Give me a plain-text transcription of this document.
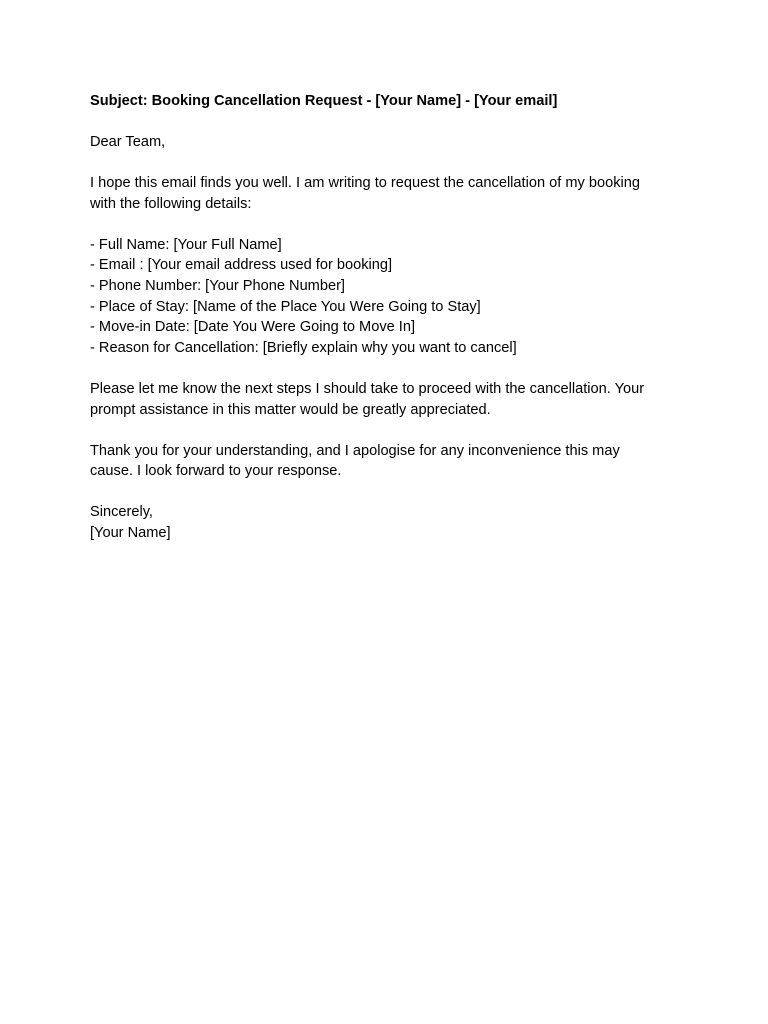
Subject: Booking Cancellation Request - [Your Name] - [Your email]
Dear Team,
I hope this email finds you well. I am writing to request the cancellation of my booking
with the following details:
- Full Name: [Your Full Name]
- Email : [Your email address used for booking]
- Phone Number: [Your Phone Number]
- Place of Stay: [Name of the Place You Were Going to Stay]
- Move-in Date: [Date You Were Going to Move In]
- Reason for Cancellation: [Briefly explain why you want to cancel]
Please let me know the next steps I should take to proceed with the cancellation. Your
prompt assistance in this matter would be greatly appreciated.
Thank you for your understanding, and I apologise for any inconvenience this may
cause. I look forward to your response.
Sincerely,
[Your Name]
